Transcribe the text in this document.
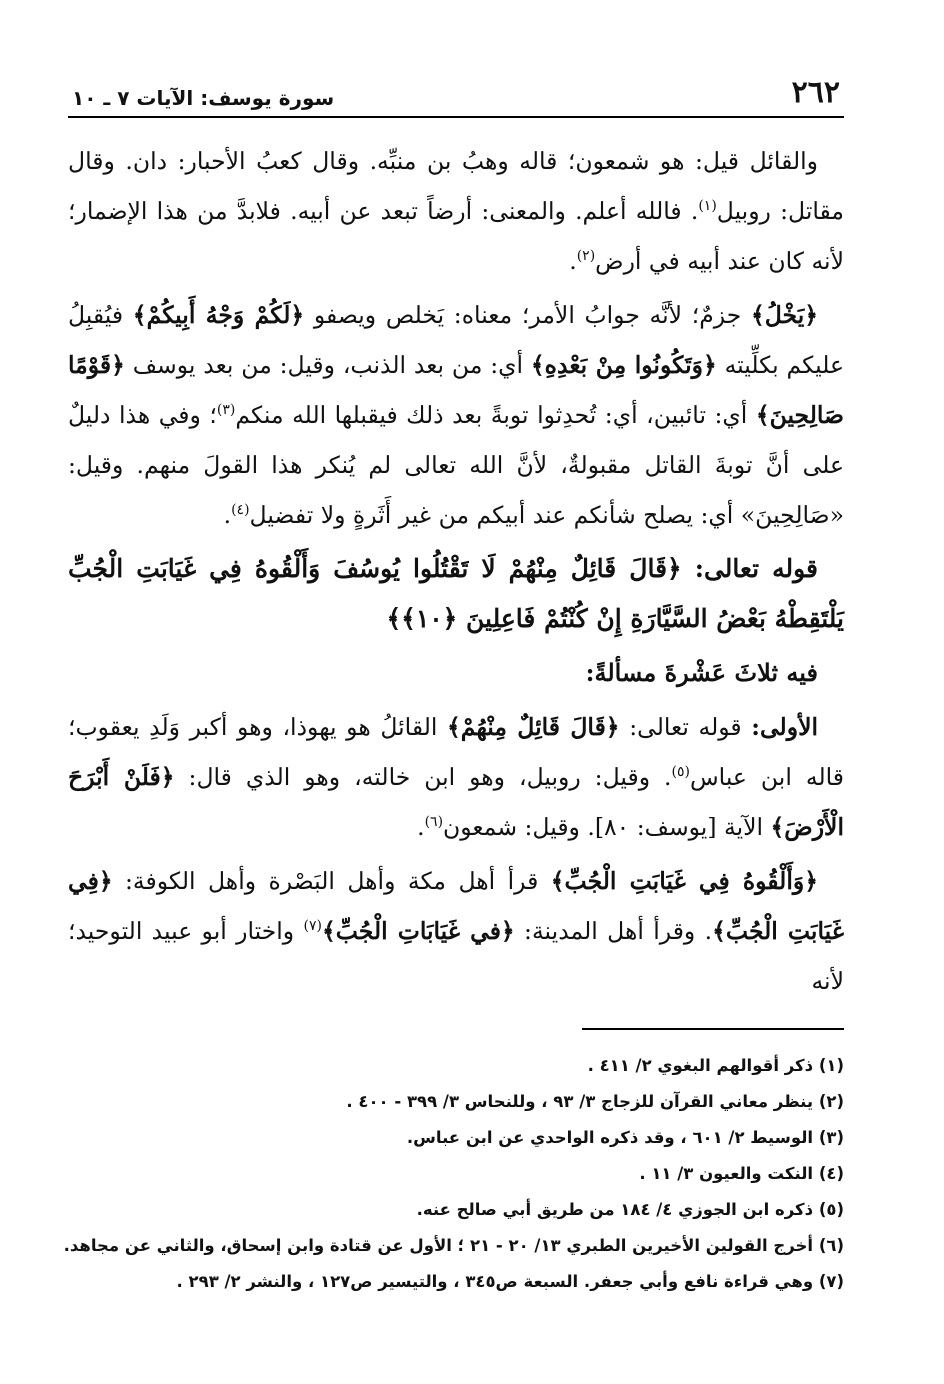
٢٦٢
سورة يوسف: الآيات ٧ ـ ١٠

والقائل قيل: هو شمعون؛ قاله وهبُ بن منبِّه. وقال كعبُ الأحبار: دان. وقال مقاتل: روبيل$^{(١)}$. فالله أعلم. والمعنى: أرضاً تبعد عن أبيه. فلابدَّ من هذا الإضمار؛ لأنه كان عند أبيه في أرض$^{(٢)}$.

﴿يَخْلُ﴾ جزمٌ؛ لأنَّه جوابُ الأمر؛ معناه: يَخلص ويصفو ﴿لَكُمْ وَجْهُ أَبِيكُمْ﴾ فيُقبِلُ عليكم بكلِّيته ﴿وَتَكُونُوا مِنْ بَعْدِهِ﴾ أي: من بعد الذنب، وقيل: من بعد يوسف ﴿قَوْمًا صَالِحِينَ﴾ أي: تائبين، أي: تُحدِثوا توبةً بعد ذلك فيقبلها الله منكم$^{(٣)}$؛ وفي هذا دليلٌ على أنَّ توبةَ القاتل مقبولةٌ، لأنَّ الله تعالى لم يُنكر هذا القولَ منهم. وقيل: «صَالِحِينَ» أي: يصلح شأنكم عند أبيكم من غير أَثَرةٍ ولا تفضيل$^{(٤)}$.

قوله تعالى: ﴿قَالَ قَائِلٌ مِنْهُمْ لَا تَقْتُلُوا يُوسُفَ وَأَلْقُوهُ فِي غَيَابَتِ الْجُبِّ يَلْتَقِطْهُ بَعْضُ السَّيَّارَةِ إِنْ كُنْتُمْ فَاعِلِينَ ﴿١٠﴾﴾

فيه ثلاثَ عَشْرةَ مسألةً:

الأولى: قوله تعالى: ﴿قَالَ قَائِلٌ مِنْهُمْ﴾ القائلُ هو يهوذا، وهو أكبر وَلَدِ يعقوب؛ قاله ابن عباس$^{(٥)}$. وقيل: روبيل، وهو ابن خالته، وهو الذي قال: ﴿فَلَنْ أَبْرَحَ الْأَرْضَ﴾ الآية [يوسف: ٨٠]. وقيل: شمعون$^{(٦)}$.

﴿وَأَلْقُوهُ فِي غَيَابَتِ الْجُبِّ﴾ قرأ أهل مكة وأهل البَصْرة وأهل الكوفة: ﴿فِي غَيَابَتِ الْجُبِّ﴾. وقرأ أهل المدينة: ﴿في غَيَابَاتِ الْجُبِّ﴾$^{(٧)}$ واختار أبو عبيد التوحيد؛ لأنه

(١) ذكر أقوالهم البغوي ٢/ ٤١١ .
(٢) ينظر معاني القرآن للزجاج ٣/ ٩٣ ، وللنحاس ٣/ ٣٩٩ - ٤٠٠ .
(٣) الوسيط ٢/ ٦٠١ ، وقد ذكره الواحدي عن ابن عباس.
(٤) النكت والعيون ٣/ ١١ .
(٥) ذكره ابن الجوزي ٤/ ١٨٤ من طريق أبي صالح عنه.
(٦) أخرج القولين الأخيرين الطبري ١٣/ ٢٠ - ٢١ ؛ الأول عن قتادة وابن إسحاق، والثاني عن مجاهد.
(٧) وهي قراءة نافع وأبي جعفر. السبعة ص٣٤٥ ، والتيسير ص١٢٧ ، والنشر ٢/ ٢٩٣ .
